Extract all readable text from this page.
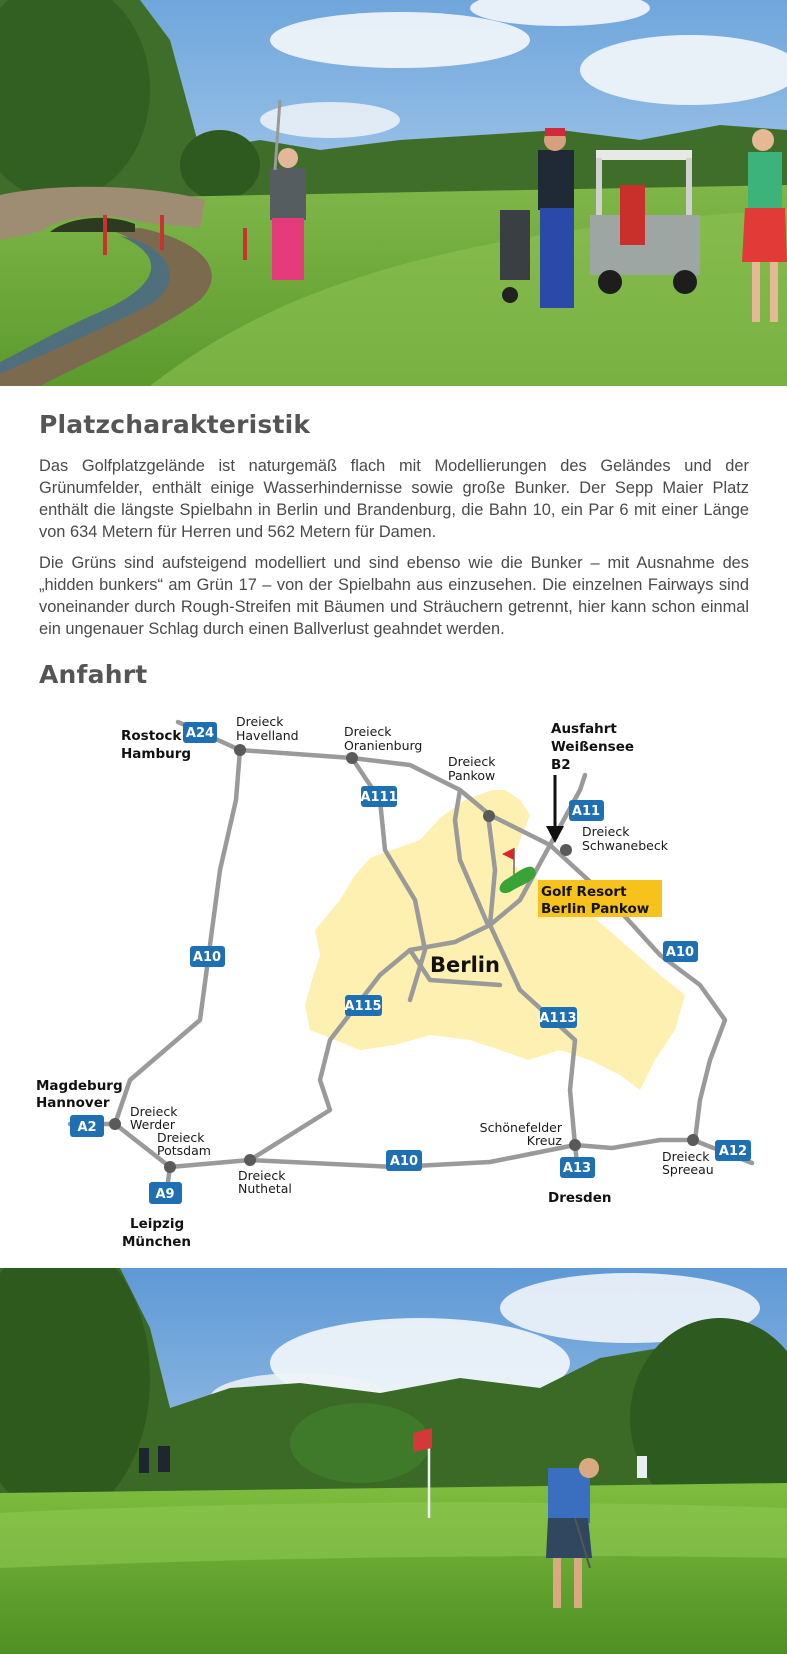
Platzcharakteristik

Das Golfplatzgelände ist naturgemäß flach mit Modellierungen des Geländes und der Grünumfelder, enthält einige Wasserhindernisse sowie große Bunker. Der Sepp Maier Platz enthält die längste Spielbahn in Berlin und Brandenburg, die Bahn 10, ein Par 6 mit einer Länge von 634 Metern für Herren und 562 Metern für Damen.

Die Grüns sind aufsteigend modelliert und sind ebenso wie die Bunker – mit Ausnahme des „hidden bunkers“ am Grün 17 – von der Spielbahn aus einzusehen. Die einzelnen Fairways sind voneinander durch Rough-Streifen mit Bäumen und Sträuchern getrennt, hier kann schon einmal ein ungenauer Schlag durch einen Ballverlust geahndet werden.

Anfahrt
Golf Resort
Berlin Pankow
Ausfahrt
Weißensee
B2
Berlin
Dreieck
Havelland	Dreieck
Oranienburg
Dreieck
Pankow
Dreieck
Schwanebeck
Dreieck
Werder
Dreieck
Potsdam
Dreieck
Nuthetal
Schönefelder
Kreuz
Dreieck
Spreeau
Rostock
Hamburg
Magdeburg
Hannover
Leipzig
München
Dresden
A24
A111
A11
A10	A10
A115
A113
A2
A10
A9
A13
A12
